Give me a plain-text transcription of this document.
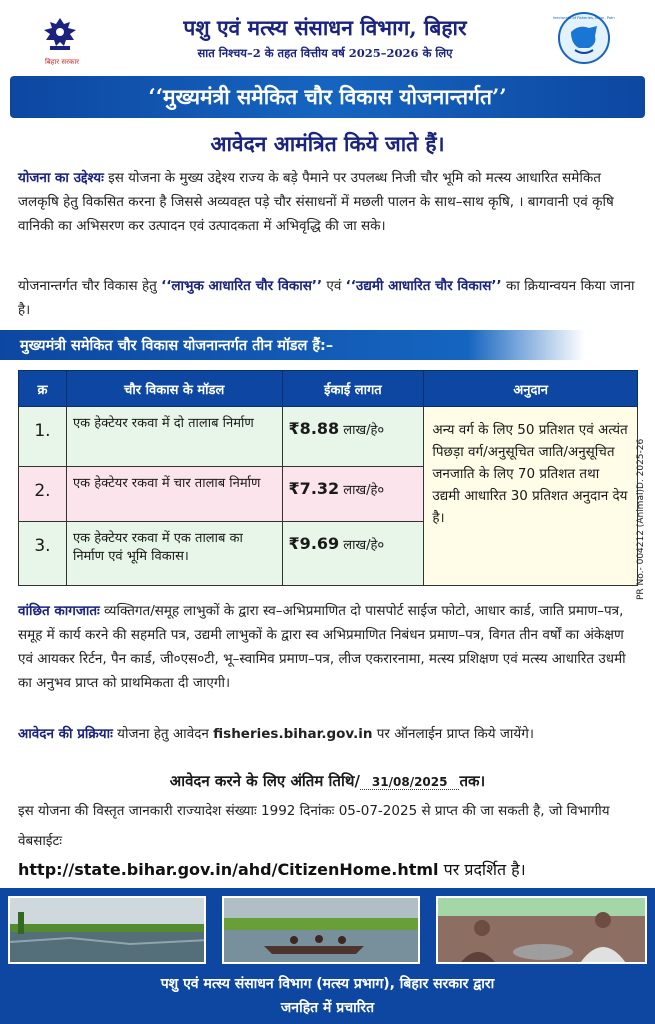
बिहार सरकार
पशु एवं मत्स्य संसाधन विभाग, बिहार
सात निश्चय–2 के तहत वित्तीय वर्ष 2025–2026 के लिए
Directorate of Fisheries, Bihar, Patna
‘‘मुख्यमंत्री समेकित चौर विकास योजनान्तर्गत’’
आवेदन आमंत्रित किये जाते हैं।
योजना का उद्देश्यः इस योजना के मुख्य उद्देश्य राज्य के बड़े पैमाने पर उपलब्ध निजी चौर भूमि को मत्स्य आधारित समेकित जलकृषि हेतु विकसित करना है जिससे अव्यवह्त पड़े चौर संसाधनों में मछली पालन के साथ–साथ कृषि, । बागवानी एवं कृषि वानिकी का अभिसरण कर उत्पादन एवं उत्पादकता में अभिवृद्धि की जा सके।
योजनान्तर्गत चौर विकास हेतु ‘‘लाभुक आधारित चौर विकास’’ एवं ‘‘उद्यमी आधारित चौर विकास’’ का क्रियान्वयन किया जाना है।
मुख्यमंत्री समेकित चौर विकास योजनान्तर्गत तीन मॉडल हैं:–
क्र	चौर विकास के मॉडल	ईकाई लागत	अनुदान
1.	एक हेक्टेयर रकवा में दो तालाब निर्माण	₹8.88 लाख/हे०	अन्य वर्ग के लिए 50 प्रतिशत एवं अत्यंत पिछड़ा वर्ग/अनुसूचित जाति/अनुसूचित जनजाति के लिए 70 प्रतिशत तथा उद्यमी आधारित 30 प्रतिशत अनुदान देय है।
2.	एक हेक्टेयर रकवा में चार तालाब निर्माण	₹7.32 लाख/हे०	
3.	एक हेक्टेयर रकवा में एक तालाब का निर्माण एवं भूमि विकास।	₹9.69 लाख/हे०		PR No.- 004212 (Animal)D. 2025-26
वांछित कागजातः व्यक्तिगत/समूह लाभुकों के द्वारा स्व–अभिप्रमाणित दो पासपोर्ट साईज फोटो, आधार कार्ड, जाति प्रमाण–पत्र, समूह में कार्य करने की सहमति पत्र, उद्यमी लाभुकों के द्वारा स्व अभिप्रमाणित निबंधन प्रमाण–पत्र, विगत तीन वर्षों का अंकेक्षण एवं आयकर रिर्टन, पैन कार्ड, जी०एस०टी, भू–स्वामिव प्रमाण–पत्र, लीज एकरारनामा, मत्स्य प्रशिक्षण एवं मत्स्य आधारित उधमी का अनुभव प्राप्त को प्राथमिकता दी जाएगी।
आवेदन की प्रक्रियाः योजना हेतु आवेदन fisheries.bihar.gov.in पर ऑनलाईन प्राप्त किये जायेंगे।
आवेदन करने के लिए अंतिम तिथि/ 31/08/2025 तक।
इस योजना की विस्तृत जानकारी राज्यादेश संख्याः 1992 दिनांकः 05-07-2025 से प्राप्त की जा सकती है, जो विभागीय वेबसाईटः
http://state.bihar.gov.in/ahd/CitizenHome.html पर प्रदर्शित है।
पशु एवं मत्स्य संसाधन विभाग (मत्स्य प्रभाग), बिहार सरकार द्वारा
जनहित में प्रचारित
